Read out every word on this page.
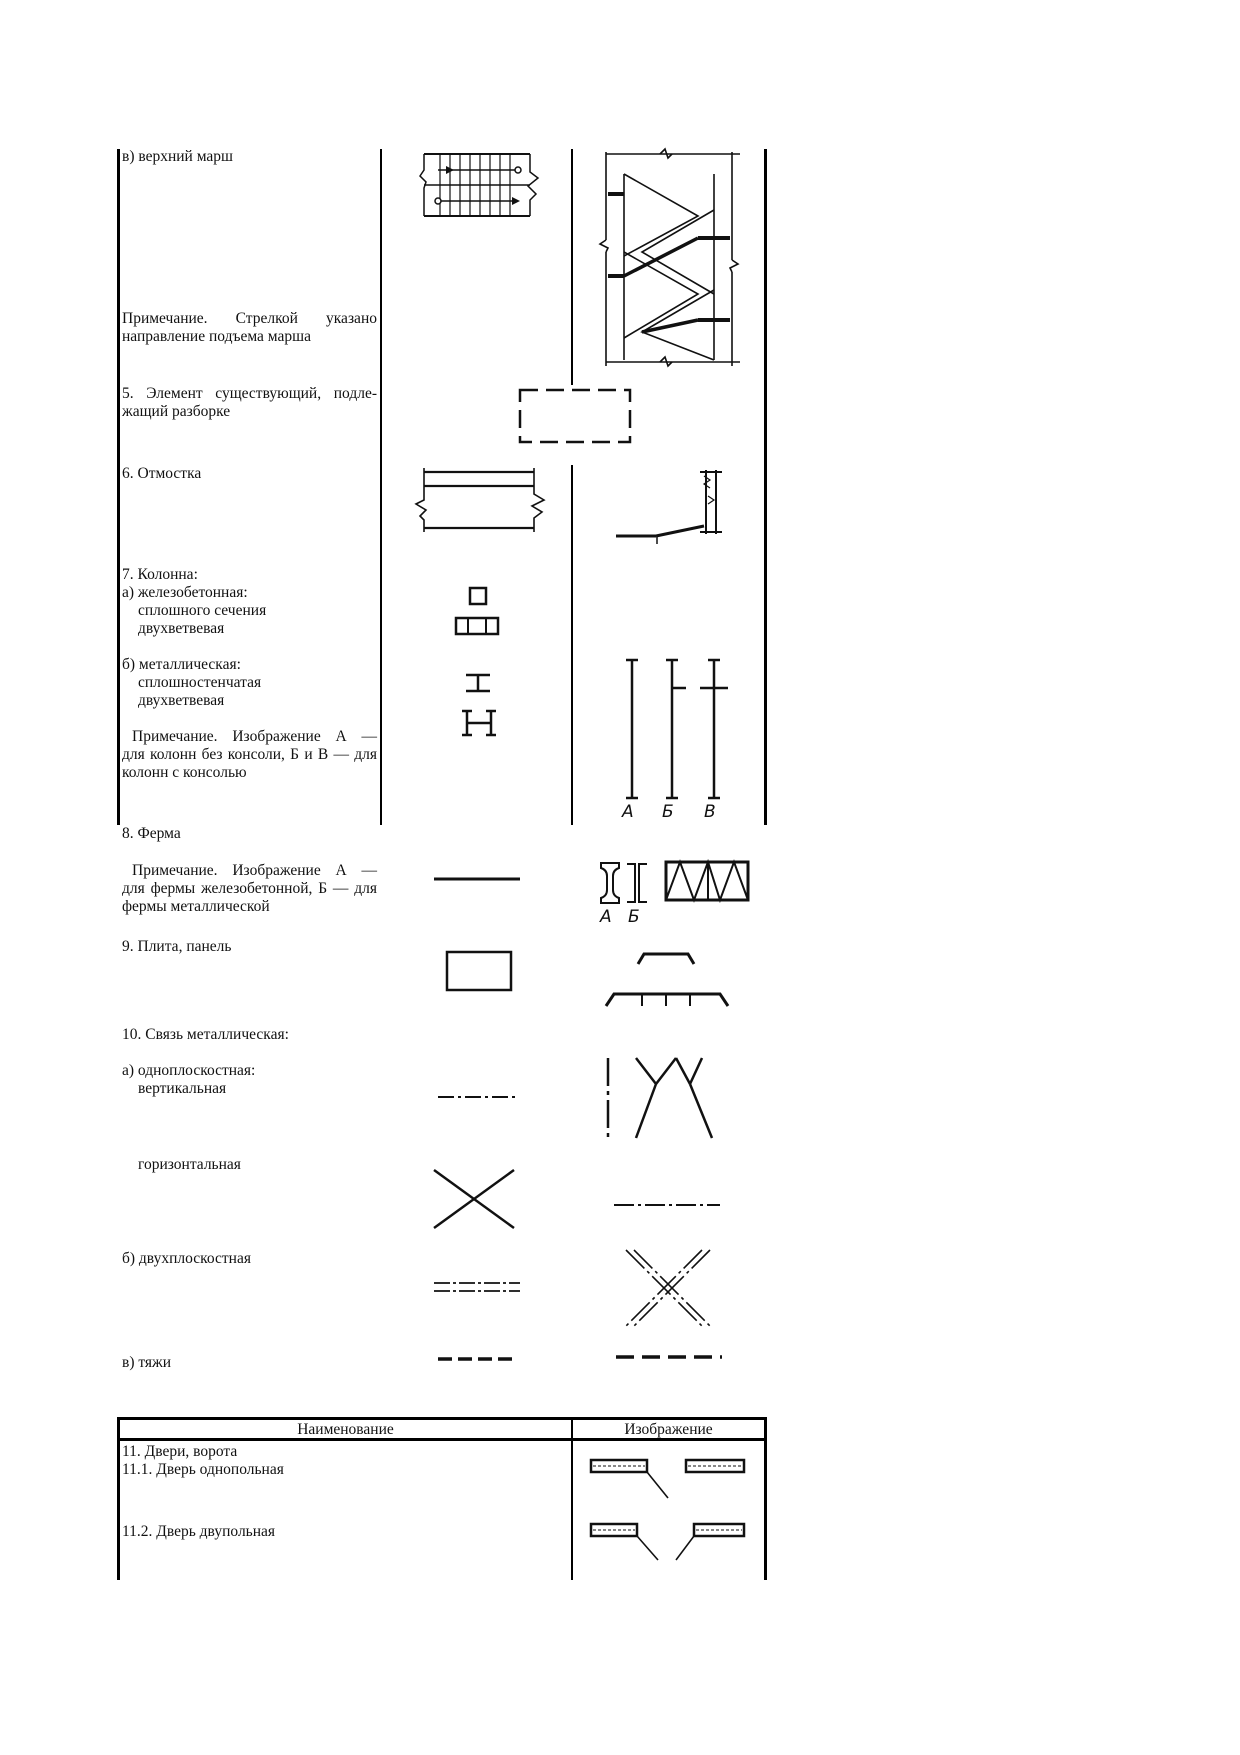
в) верхний марш
Примечание.   Стрелкой   указано
направление подъема марша
5. Элемент существующий, подле-
жащий разборке
6. Отмостка
7. Колонна:
а) железобетонная:
сплошного сечения
двухветвевая
б) металлическая:
сплошностенчатая
двухветвевая
Примечание. Изображение А —
для колонн без консоли, Б и В — для
колонн с консолью
8. Ферма
Примечание. Изображение А —
для фермы железобетонной, Б — для
фермы металлической
9. Плита, панель
10. Связь металлическая:
а) одноплоскостная:
вертикальная
горизонтальная
б) двухплоскостная
в) тяжи
А Б В
А Б
Наименование	Изображение
11. Двери, ворота
11.1. Дверь однопольная
11.2. Дверь двупольная
